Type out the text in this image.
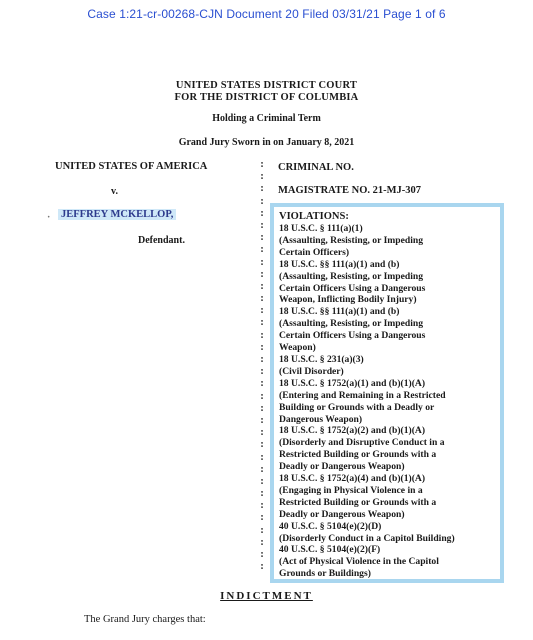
Case 1:21-cr-00268-CJN Document 20 Filed 03/31/21 Page 1 of 6
UNITED STATES DISTRICT COURT
FOR THE DISTRICT OF COLUMBIA
Holding a Criminal Term
Grand Jury Sworn in on January 8, 2021
UNITED STATES OF AMERICA
v.
· JEFFREY MCKELLOP,
Defendant.
CRIMINAL NO.
MAGISTRATE NO. 21-MJ-307
:
:
:
:
:
:
:
:
:
:
:
:
:
:
:
:
:
:
:
:
:
:
:
:
:
:
:
:
:
:
:
:
:
:
VIOLATIONS:
18 U.S.C. § 111(a)(1)
(Assaulting, Resisting, or Impeding
Certain Officers)
18 U.S.C. §§ 111(a)(1) and (b)
(Assaulting, Resisting, or Impeding
Certain Officers Using a Dangerous
Weapon, Inflicting Bodily Injury)
18 U.S.C. §§ 111(a)(1) and (b)
(Assaulting, Resisting, or Impeding
Certain Officers Using a Dangerous
Weapon)
18 U.S.C. § 231(a)(3)
(Civil Disorder)
18 U.S.C. § 1752(a)(1) and (b)(1)(A)
(Entering and Remaining in a Restricted
Building or Grounds with a Deadly or
Dangerous Weapon)
18 U.S.C. § 1752(a)(2) and (b)(1)(A)
(Disorderly and Disruptive Conduct in a
Restricted Building or Grounds with a
Deadly or Dangerous Weapon)
18 U.S.C. § 1752(a)(4) and (b)(1)(A)
(Engaging in Physical Violence in a
Restricted Building or Grounds with a
Deadly or Dangerous Weapon)
40 U.S.C. § 5104(e)(2)(D)
(Disorderly Conduct in a Capitol Building)
40 U.S.C. § 5104(e)(2)(F)
(Act of Physical Violence in the Capitol
Grounds or Buildings)
INDICTMENT
The Grand Jury charges that:
